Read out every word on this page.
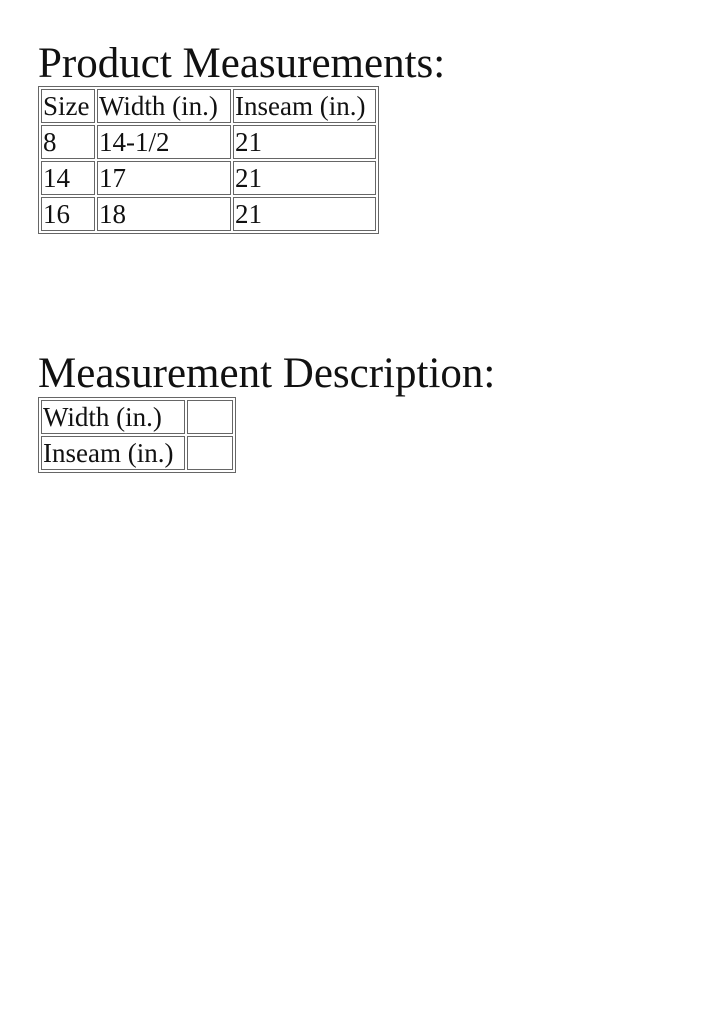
Product Measurements:
Size	Width (in.)	Inseam (in.)
8	14-1/2	21
14	17	21
16	18	21
Measurement Description:
Width (in.)	
Inseam (in.)	
